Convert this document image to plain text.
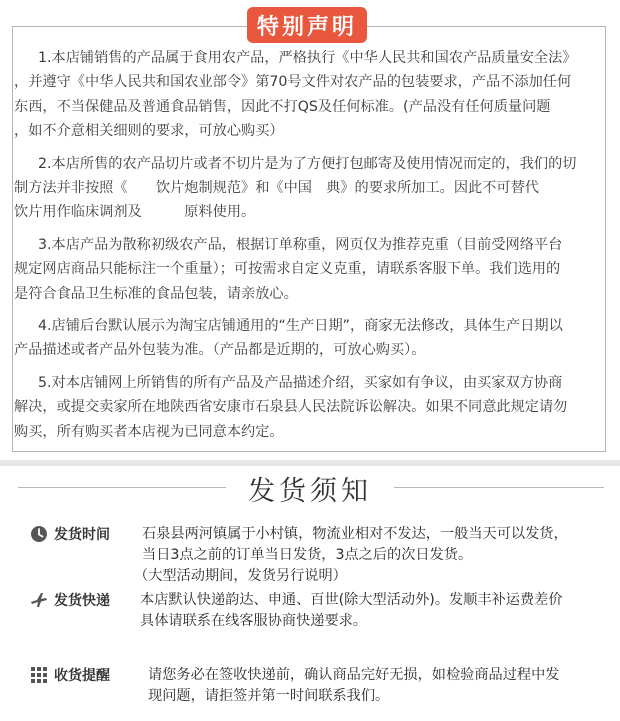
特别声明

1.本店铺销售的产品属于食用农产品，严格执行《中华人民共和国农产品质量安全法》
，并遵守《中华人民共和国农业部令》第70号文件对农产品的包装要求，产品不添加任何
东西，不当保健品及普通食品销售，因此不打QS及任何标准。(产品没有任何质量问题
，如不介意相关细则的要求，可放心购买）

2.本店所售的农产品切片或者不切片是为了方便打包邮寄及使用情况而定的，我们的切
制方法并非按照《　　饮片炮制规范》和《中国　典》的要求所加工。因此不可替代
饮片用作临床调剂及　　　原料使用。

3.本店产品为散称初级农产品，根据订单称重，网页仅为推荐克重（目前受网络平台
规定网店商品只能标注一个重量）；可按需求自定义克重，请联系客服下单。我们选用的
是符合食品卫生标准的食品包装，请亲放心。

4.店铺后台默认展示为淘宝店铺通用的“生产日期”，商家无法修改，具体生产日期以
产品描述或者产品外包装为准。（产品都是近期的，可放心购买）。

5.对本店铺网上所销售的所有产品及产品描述介绍，买家如有争议，由买家双方协商
解决，或提交卖家所在地陕西省安康市石泉县人民法院诉讼解决。如果不同意此规定请勿
购买，所有购买者本店视为已同意本约定。

发货须知
发货时间 石泉县两河镇属于小村镇，物流业相对不发达，一般当天可以发货，
当日3点之前的订单当日发货，3点之后的次日发货。
（大型活动期间，发货另行说明）
发货快递 本店默认快递韵达、申通、百世(除大型活动外)。发顺丰补运费差价
具体请联系在线客服协商快递要求。
收货提醒	请您务必在签收快递前，确认商品完好无损，如检验商品过程中发
现问题，请拒签并第一时间联系我们。
